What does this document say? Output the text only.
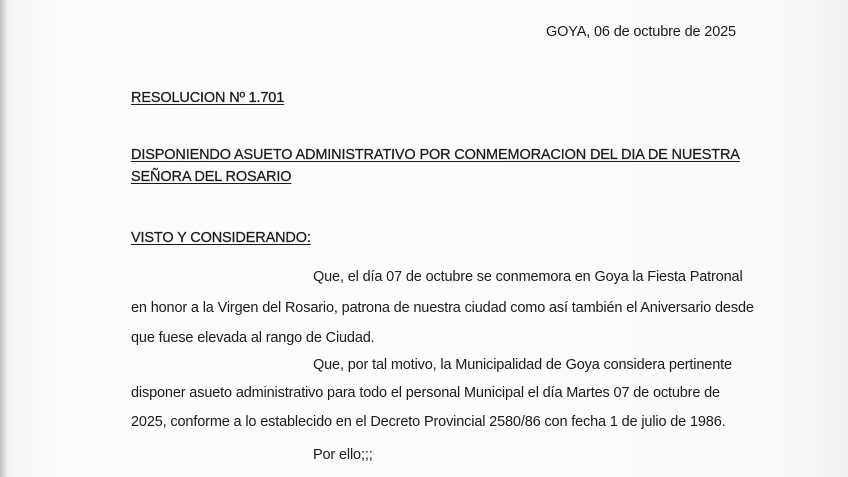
GOYA, 06 de octubre de 2025
RESOLUCION Nº 1.701
DISPONIENDO ASUETO ADMINISTRATIVO POR CONMEMORACION DEL DIA DE NUESTRA
SEÑORA DEL ROSARIO
VISTO Y CONSIDERANDO:
Que, el día 07 de octubre se conmemora en Goya la Fiesta Patronal
en honor a la Virgen del Rosario, patrona de nuestra ciudad como así también el Aniversario desde
que fuese elevada al rango de Ciudad.
Que, por tal motivo, la Municipalidad de Goya considera pertinente
disponer asueto administrativo para todo el personal Municipal el día Martes 07 de octubre de
2025, conforme a lo establecido en el Decreto Provincial 2580/86 con fecha 1 de julio de 1986.
Por ello;;;
